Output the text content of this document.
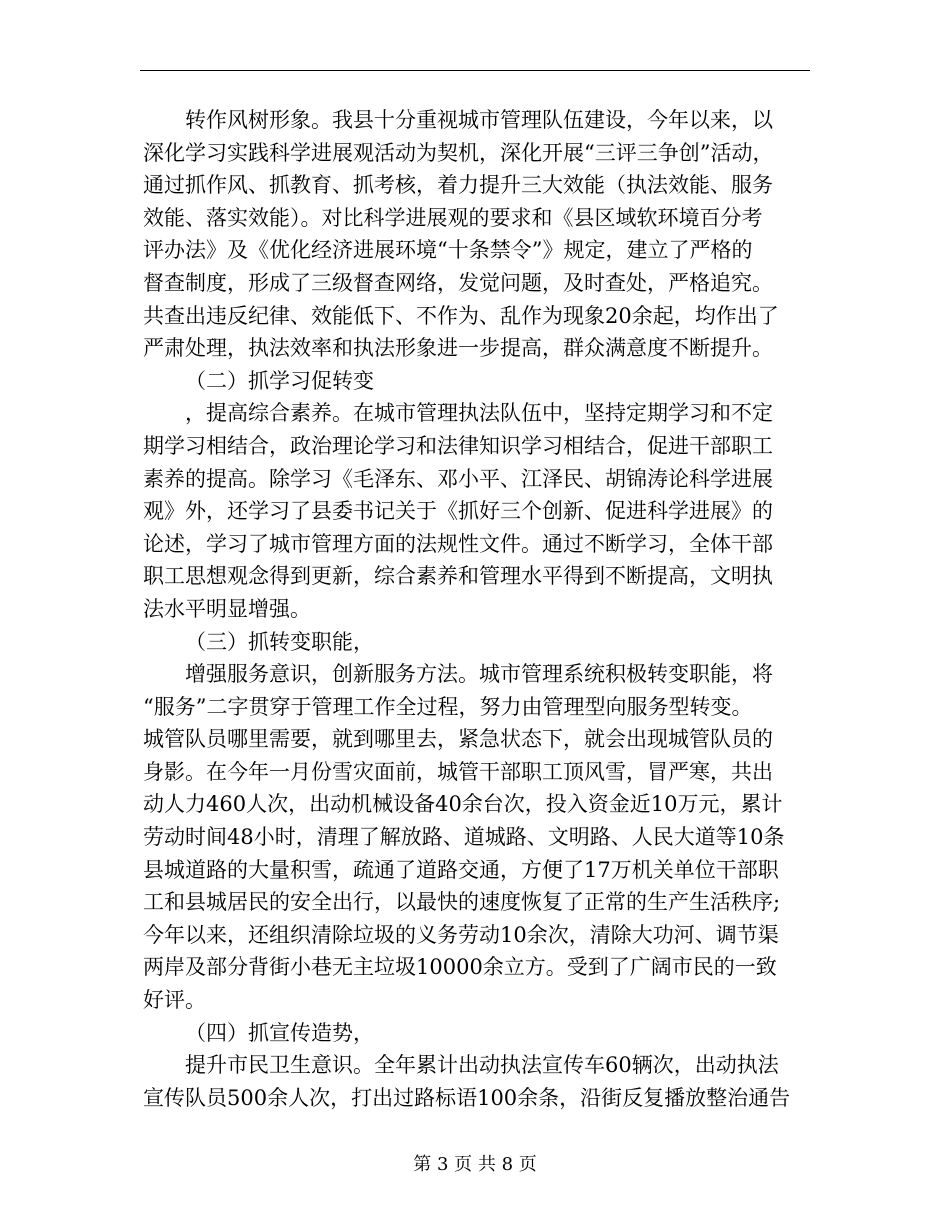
转作风树形象。我县十分重视城市管理队伍建设，今年以来，以
深化学习实践科学进展观活动为契机，深化开展“三评三争创”活动，
通过抓作风、抓教育、抓考核，着力提升三大效能（执法效能、服务
效能、落实效能）。对比科学进展观的要求和《县区域软环境百分考
评办法》及《优化经济进展环境“十条禁令”》规定，建立了严格的
督查制度，形成了三级督查网络，发觉问题，及时查处，严格追究。
共查出违反纪律、效能低下、不作为、乱作为现象20余起，均作出了
严肃处理，执法效率和执法形象进一步提高，群众满意度不断提升。
（二）抓学习促转变
，提高综合素养。在城市管理执法队伍中，坚持定期学习和不定
期学习相结合，政治理论学习和法律知识学习相结合，促进干部职工
素养的提高。除学习《毛泽东、邓小平、江泽民、胡锦涛论科学进展
观》外，还学习了县委书记关于《抓好三个创新、促进科学进展》的
论述，学习了城市管理方面的法规性文件。通过不断学习，全体干部
职工思想观念得到更新，综合素养和管理水平得到不断提高，文明执
法水平明显增强。
（三）抓转变职能，
增强服务意识，创新服务方法。城市管理系统积极转变职能，将
“服务”二字贯穿于管理工作全过程，努力由管理型向服务型转变。
城管队员哪里需要，就到哪里去，紧急状态下，就会出现城管队员的
身影。在今年一月份雪灾面前，城管干部职工顶风雪，冒严寒，共出
动人力460人次，出动机械设备40余台次，投入资金近10万元，累计
劳动时间48小时，清理了解放路、道城路、文明路、人民大道等10条
县城道路的大量积雪，疏通了道路交通，方便了17万机关单位干部职
工和县城居民的安全出行，以最快的速度恢复了正常的生产生活秩序;
今年以来，还组织清除垃圾的义务劳动10余次，清除大功河、调节渠
两岸及部分背街小巷无主垃圾10000余立方。受到了广阔市民的一致
好评。
（四）抓宣传造势，
提升市民卫生意识。全年累计出动执法宣传车60辆次，出动执法
宣传队员500余人次，打出过路标语100余条，沿街反复播放整治通告
第 3 页 共 8 页
